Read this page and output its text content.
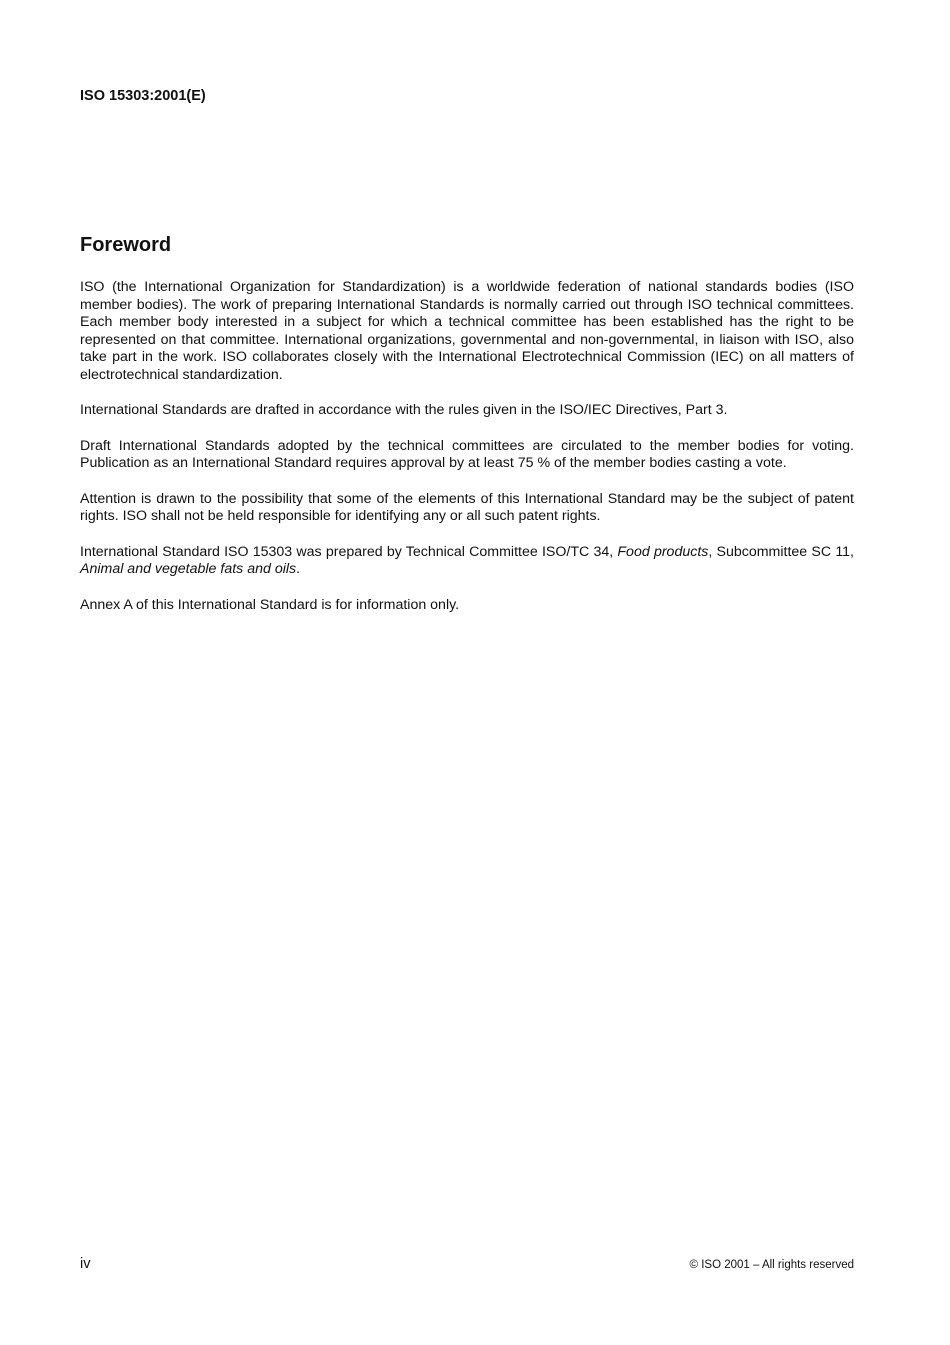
ISO 15303:2001(E)
Foreword

ISO (the International Organization for Standardization) is a worldwide federation of national standards bodies (ISO member bodies). The work of preparing International Standards is normally carried out through ISO technical committees. Each member body interested in a subject for which a technical committee has been established has the right to be represented on that committee. International organizations, governmental and non-governmental, in liaison with ISO, also take part in the work. ISO collaborates closely with the International Electrotechnical Commission (IEC) on all matters of electrotechnical standardization.

International Standards are drafted in accordance with the rules given in the ISO/IEC Directives, Part 3.

Draft International Standards adopted by the technical committees are circulated to the member bodies for voting. Publication as an International Standard requires approval by at least 75 % of the member bodies casting a vote.

Attention is drawn to the possibility that some of the elements of this International Standard may be the subject of patent rights. ISO shall not be held responsible for identifying any or all such patent rights.

International Standard ISO 15303 was prepared by Technical Committee ISO/TC 34, Food products, Subcommittee SC 11, Animal and vegetable fats and oils.

Annex A of this International Standard is for information only.

iv	© ISO 2001 – All rights reserved
